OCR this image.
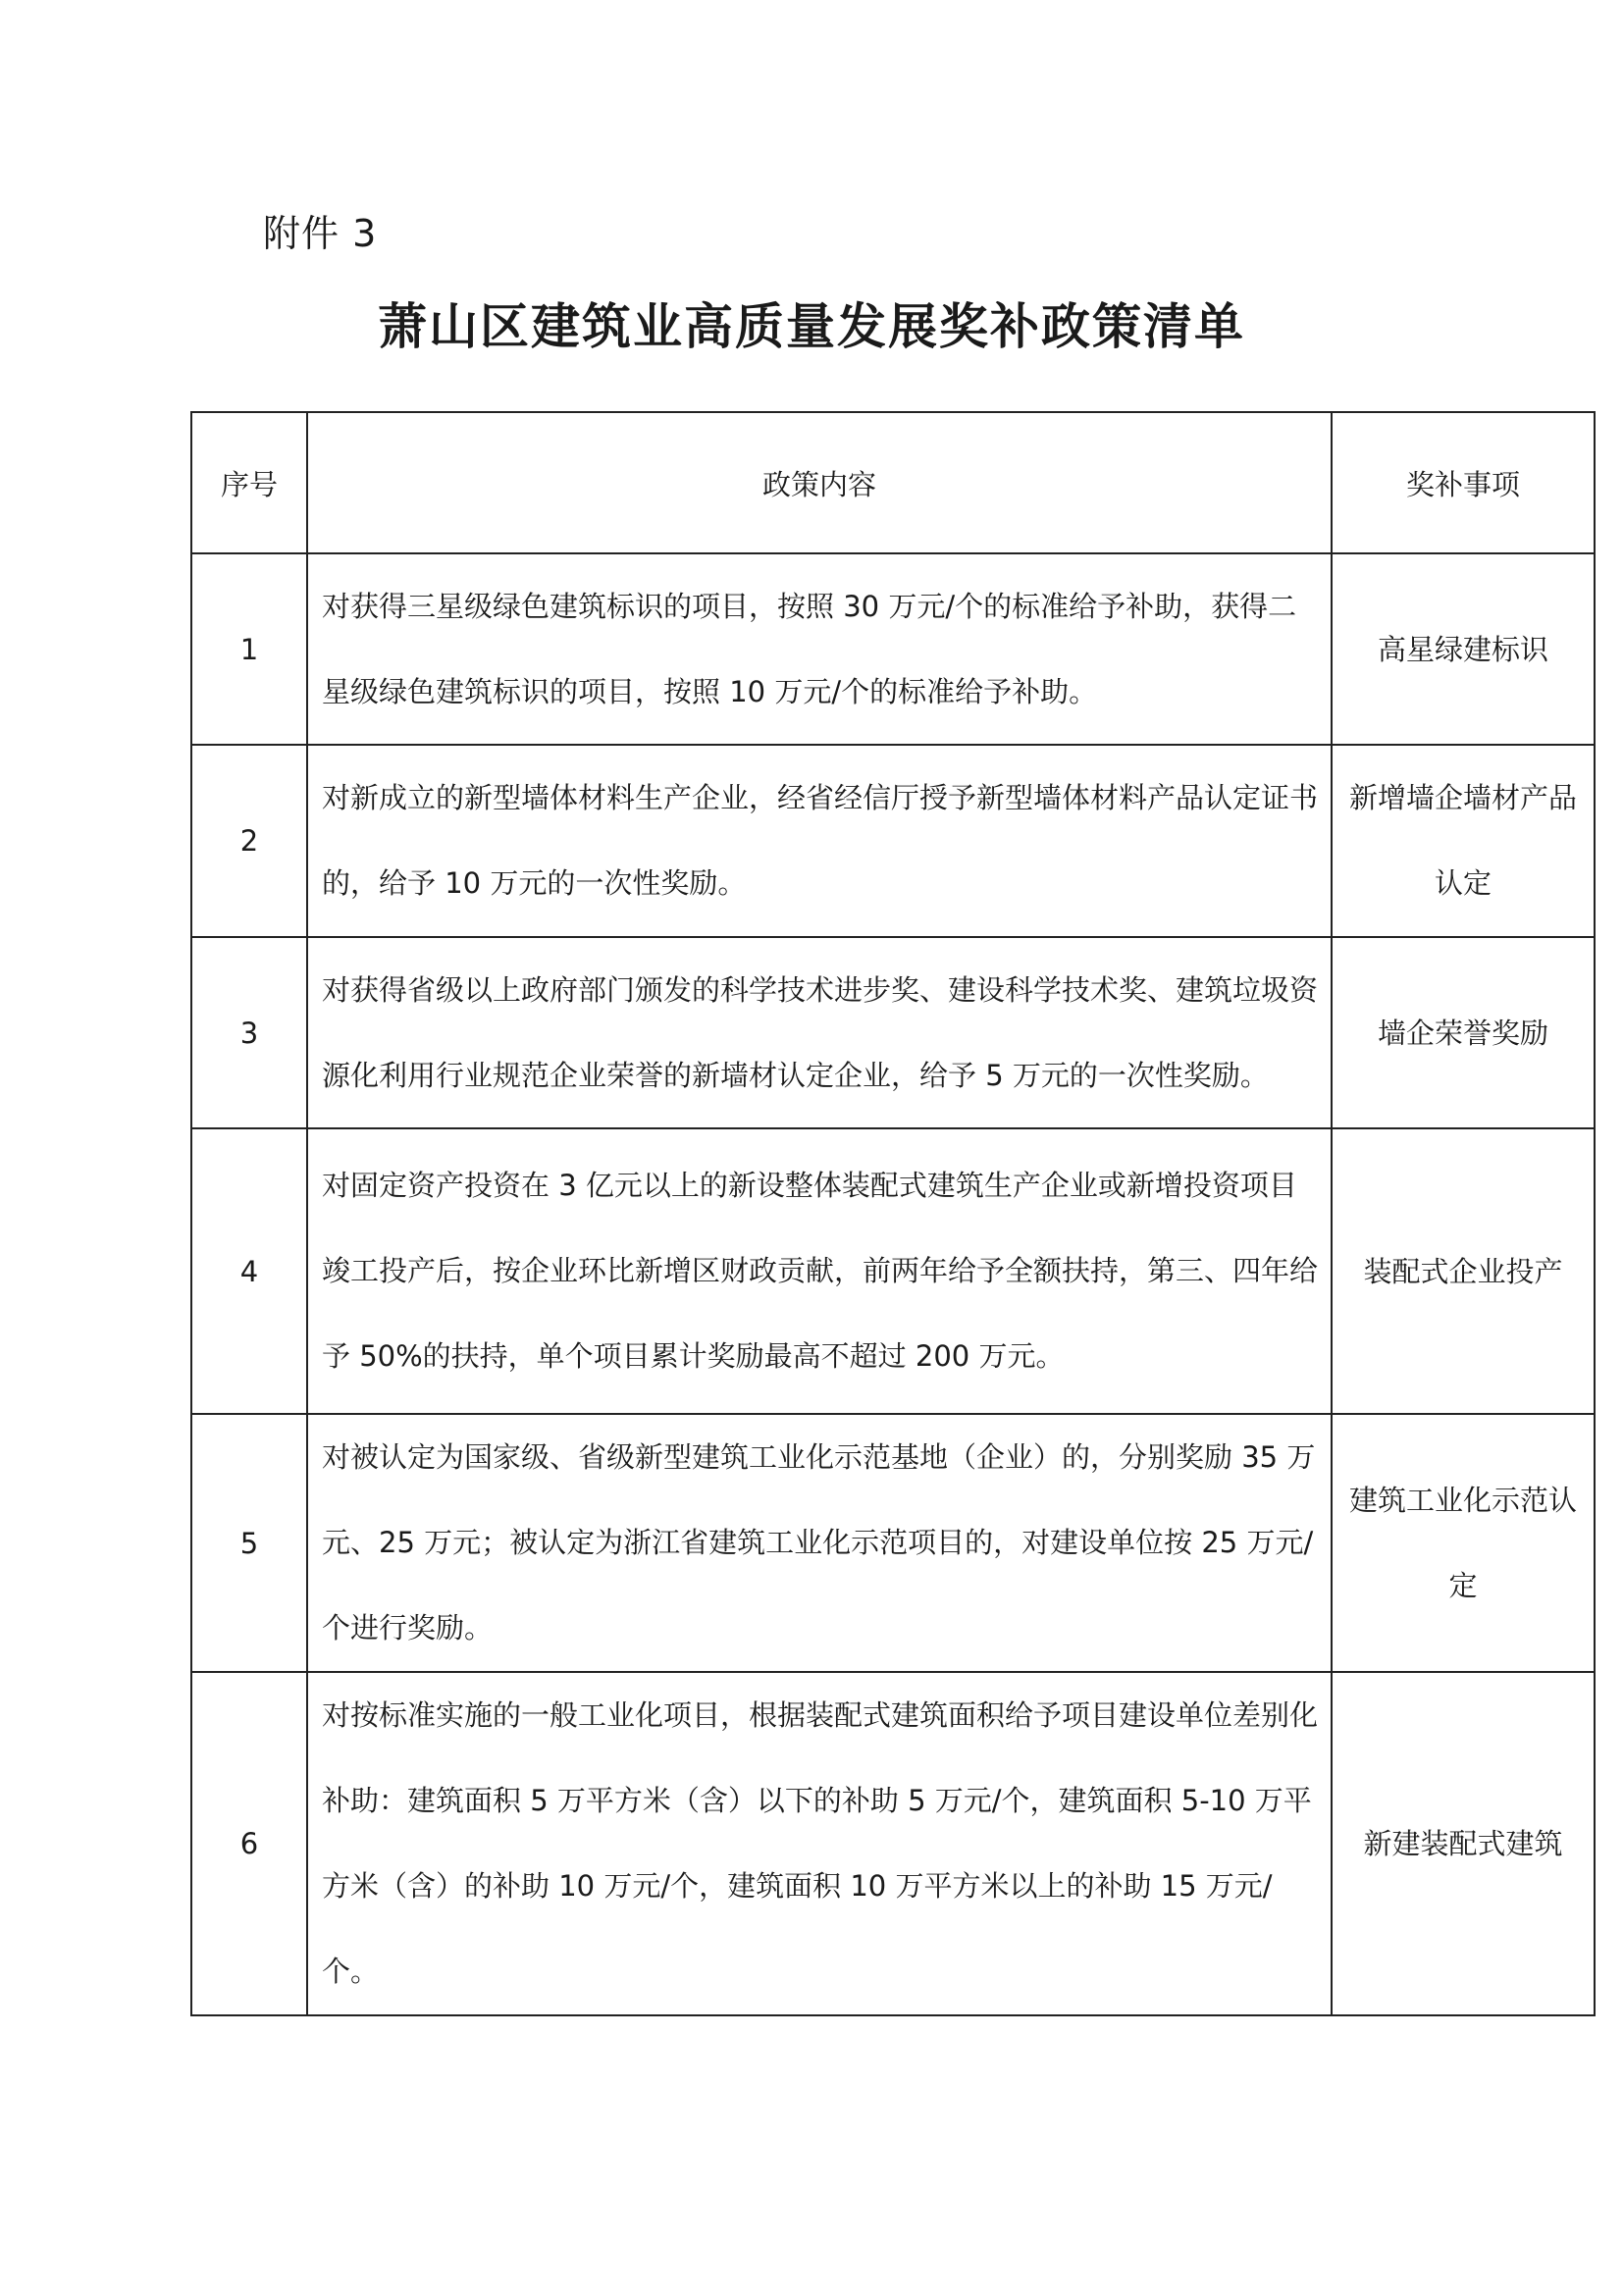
附件 3
萧山区建筑业高质量发展奖补政策清单
序号	政策内容	奖补事项
1	对获得三星级绿色建筑标识的项目，按照 30 万元/个的标准给予补助，获得二星级绿色建筑标识的项目，按照 10 万元/个的标准给予补助。	高星绿建标识
2	对新成立的新型墙体材料生产企业，经省经信厅授予新型墙体材料产品认定证书的，给予 10 万元的一次性奖励。	新增墙企墙材产品认定
3	对获得省级以上政府部门颁发的科学技术进步奖、建设科学技术奖、建筑垃圾资源化利用行业规范企业荣誉的新墙材认定企业，给予 5 万元的一次性奖励。	墙企荣誉奖励
4	对固定资产投资在 3 亿元以上的新设整体装配式建筑生产企业或新增投资项目竣工投产后，按企业环比新增区财政贡献，前两年给予全额扶持，第三、四年给予 50%的扶持，单个项目累计奖励最高不超过 200 万元。	装配式企业投产
5	对被认定为国家级、省级新型建筑工业化示范基地（企业）的，分别奖励 35 万元、25 万元；被认定为浙江省建筑工业化示范项目的，对建设单位按 25 万元/个进行奖励。	建筑工业化示范认定
6	对按标准实施的一般工业化项目，根据装配式建筑面积给予项目建设单位差别化补助：建筑面积 5 万平方米（含）以下的补助 5 万元/个，建筑面积 5-10 万平方米（含）的补助 10 万元/个，建筑面积 10 万平方米以上的补助 15 万元/个。	新建装配式建筑
